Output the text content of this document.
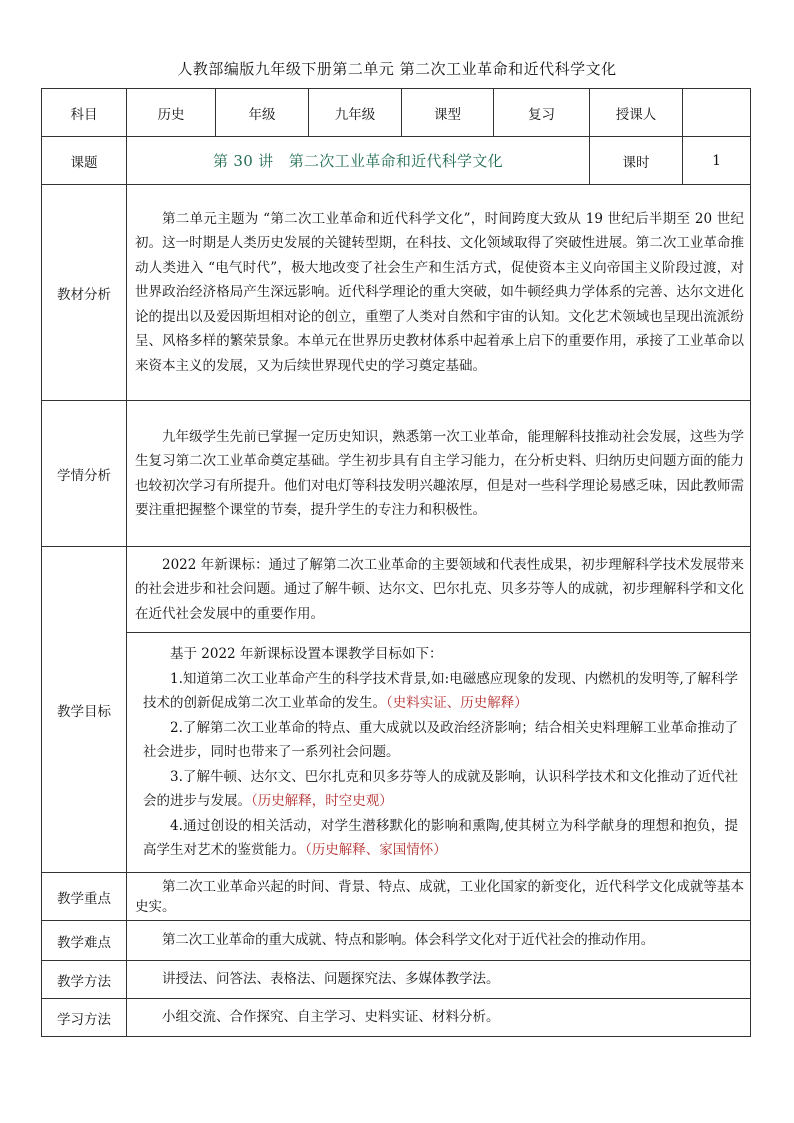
人教部编版九年级下册第二单元 第二次工业革命和近代科学文化
科目	历史	年级	九年级	课型	复习	授课人	
课题	第 30 讲　第二次工业革命和近代科学文化					课时	1
教材分析	第二单元主题为 “第二次工业革命和近代科学文化”，时间跨度大致从 19 世纪后半期至 20 世纪初。这一时期是人类历史发展的关键转型期，在科技、文化领域取得了突破性进展。第二次工业革命推动人类进入 “电气时代”，极大地改变了社会生产和生活方式，促使资本主义向帝国主义阶段过渡，对世界政治经济格局产生深远影响。近代科学理论的重大突破，如牛顿经典力学体系的完善、达尔文进化论的提出以及爱因斯坦相对论的创立，重塑了人类对自然和宇宙的认知。文化艺术领域也呈现出流派纷呈、风格多样的繁荣景象。本单元在世界历史教材体系中起着承上启下的重要作用，承接了工业革命以来资本主义的发展，又为后续世界现代史的学习奠定基础。						

学情分析	九年级学生先前已掌握一定历史知识，熟悉第一次工业革命，能理解科技推动社会发展，这些为学生复习第二次工业革命奠定基础。学生初步具有自主学习能力，在分析史料、归纳历史问题方面的能力也较初次学习有所提升。他们对电灯等科技发明兴趣浓厚，但是对一些科学理论易感乏味，因此教师需要注重把握整个课堂的节奏，提升学生的专注力和积极性。						

教学目标	2022 年新课标：通过了解第二次工业革命的主要领域和代表性成果，初步理解科学技术发展带来的社会进步和社会问题。通过了解牛顿、达尔文、巴尔扎克、贝多芬等人的成就，初步理解科学和文化在近代社会发展中的重要作用。						

	基于 2022 年新课标设置本课教学目标如下：

1.知道第二次工业革命产生的科学技术背景,如:电磁感应现象的发现、内燃机的发明等,了解科学技术的创新促成第二次工业革命的发生。（史料实证、历史解释）

2.了解第二次工业革命的特点、重大成就以及政治经济影响；结合相关史料理解工业革命推动了社会进步，同时也带来了一系列社会问题。

3.了解牛顿、达尔文、巴尔扎克和贝多芬等人的成就及影响，认识科学技术和文化推动了近代社会的进步与发展。（历史解释，时空史观）

4.通过创设的相关活动，对学生潜移默化的影响和熏陶,使其树立为科学献身的理想和抱负，提高学生对艺术的鉴赏能力。（历史解释、家国情怀）						

教学重点	第二次工业革命兴起的时间、背景、特点、成就，工业化国家的新变化，近代科学文化成就等基本史实。						

教学难点	第二次工业革命的重大成就、特点和影响。体会科学文化对于近代社会的推动作用。						

教学方法	讲授法、问答法、表格法、问题探究法、多媒体教学法。						

学习方法	小组交流、合作探究、自主学习、史料实证、材料分析。						
